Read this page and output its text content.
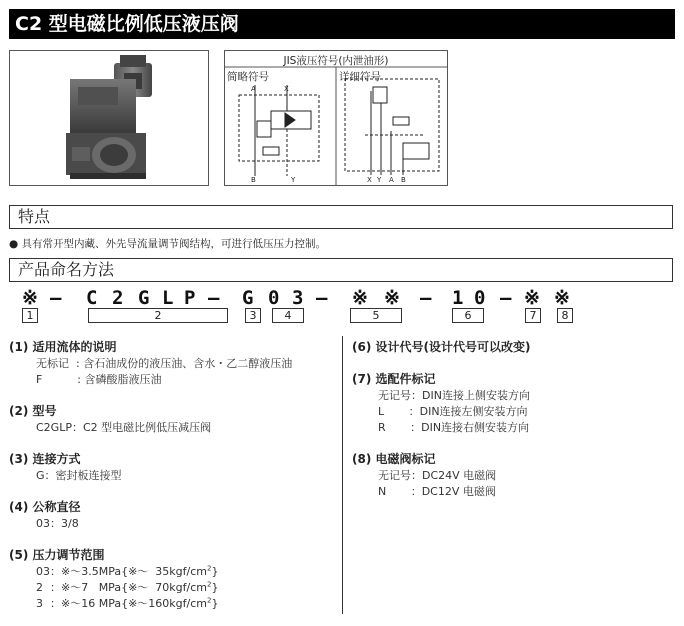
C2 型电磁比例低压液压阀
JIS液压符号(内泄油形)
A	X
B	Y	X Y A B
简略符号	详细符号
特点
● 具有常开型内藏、外先导流量调节阀结构，可进行低压压力控制。
产品命名方法
※ — C 2 G L P — G 0 3 — ※ ※ — 1 0 — ※ ※
1	2	3	4	5	6	7	8
(1) 适用流体的说明
无标记  : 含石油成份的液压油、含水・乙二醇液压油
F          : 含磷酸脂液压油
(2) 型号
C2GLP：C2 型电磁比例低压减压阀
(3) 连接方式
G：密封板连接型
(4) 公称直径
03：3/8
(5) 压力调节范围
03：※～3.5MPa{※～  $35kgf/cm^2$}
2  ：※～7   MPa{※～  $70kgf/cm^2$}
3  ：※～16 $MPa\{※\sim 160kgf/cm^2\}$
(6) 设计代号(设计代号可以改变)
(7) 选配件标记
无记号：DIN连接上侧安装方向
L       ：DIN连接左侧安装方向
R       ：DIN连接右侧安装方向
(8) 电磁阀标记
无记号：DC24V 电磁阀
N       ：DC12V 电磁阀
